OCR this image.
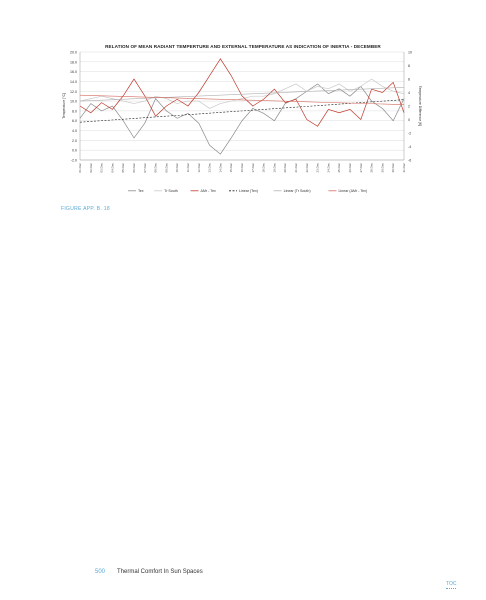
RELATION OF MEAN RADIANT TEMPERTURE AND EXTERNAL TEMPERATURE AS INDICATION OF INERTIA - DECEMBER
-2.0
0.0
2.0
4.0
6.0
8.0
10.0
12.0
14.0
16.0
18.0
20.0
-6
-4
-2
0
2
4
6
8
10
Temperature [°C]	Temperature Difference [K]
01.Dec 02.Dec 03.Dec 04.Dec 05.Dec 06.Dec 07.Dec 08.Dec 09.Dec 10.Dec 11.Dec 12.Dec 13.Dec 14.Dec 15.Dec 16.Dec 17.Dec 18.Dec 19.Dec 20.Dec 21.Dec 22.Dec 23.Dec 24.Dec 25.Dec 26.Dec 27.Dec 28.Dec 29.Dec 30.Dec 31.Dec
Tex	Tr South	ΔMr - Tex	Linear (Tex)	Linear (Tr South)	Linear (ΔMr - Tex)
FIGURE APP. B. 18
500 Thermal Comfort In Sun Spaces
TOC
